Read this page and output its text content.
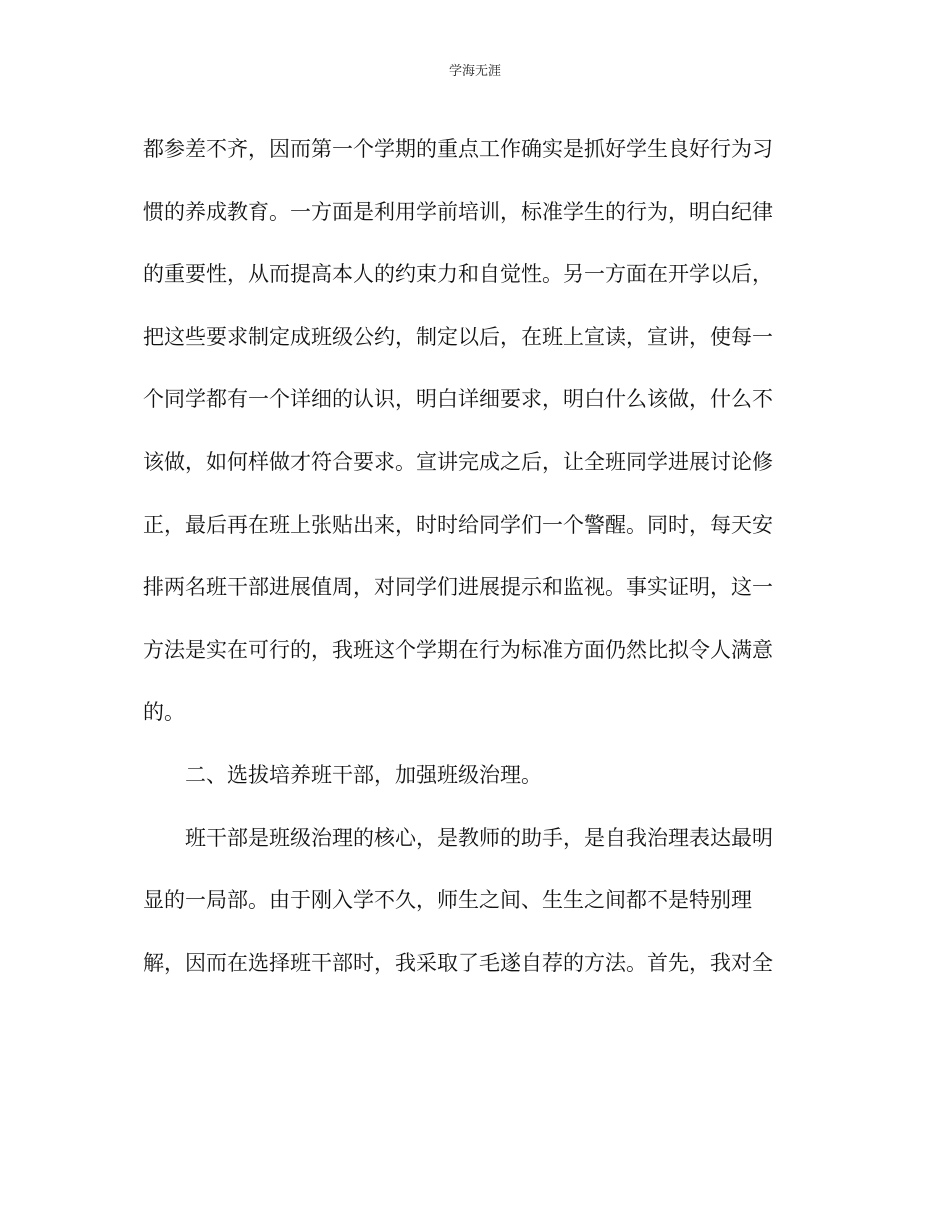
学海无涯
都参差不齐，因而第一个学期的重点工作确实是抓好学生良好行为习
惯的养成教育。一方面是利用学前培训，标准学生的行为，明白纪律
的重要性，从而提高本人的约束力和自觉性。另一方面在开学以后，
把这些要求制定成班级公约，制定以后，在班上宣读，宣讲，使每一
个同学都有一个详细的认识，明白详细要求，明白什么该做，什么不
该做，如何样做才符合要求。宣讲完成之后，让全班同学进展讨论修
正，最后再在班上张贴出来，时时给同学们一个警醒。同时，每天安
排两名班干部进展值周，对同学们进展提示和监视。事实证明，这一
方法是实在可行的，我班这个学期在行为标准方面仍然比拟令人满意
的。
二、选拔培养班干部，加强班级治理。
班干部是班级治理的核心，是教师的助手，是自我治理表达最明
显的一局部。由于刚入学不久，师生之间、生生之间都不是特别理
解，因而在选择班干部时，我采取了毛遂自荐的方法。首先，我对全
